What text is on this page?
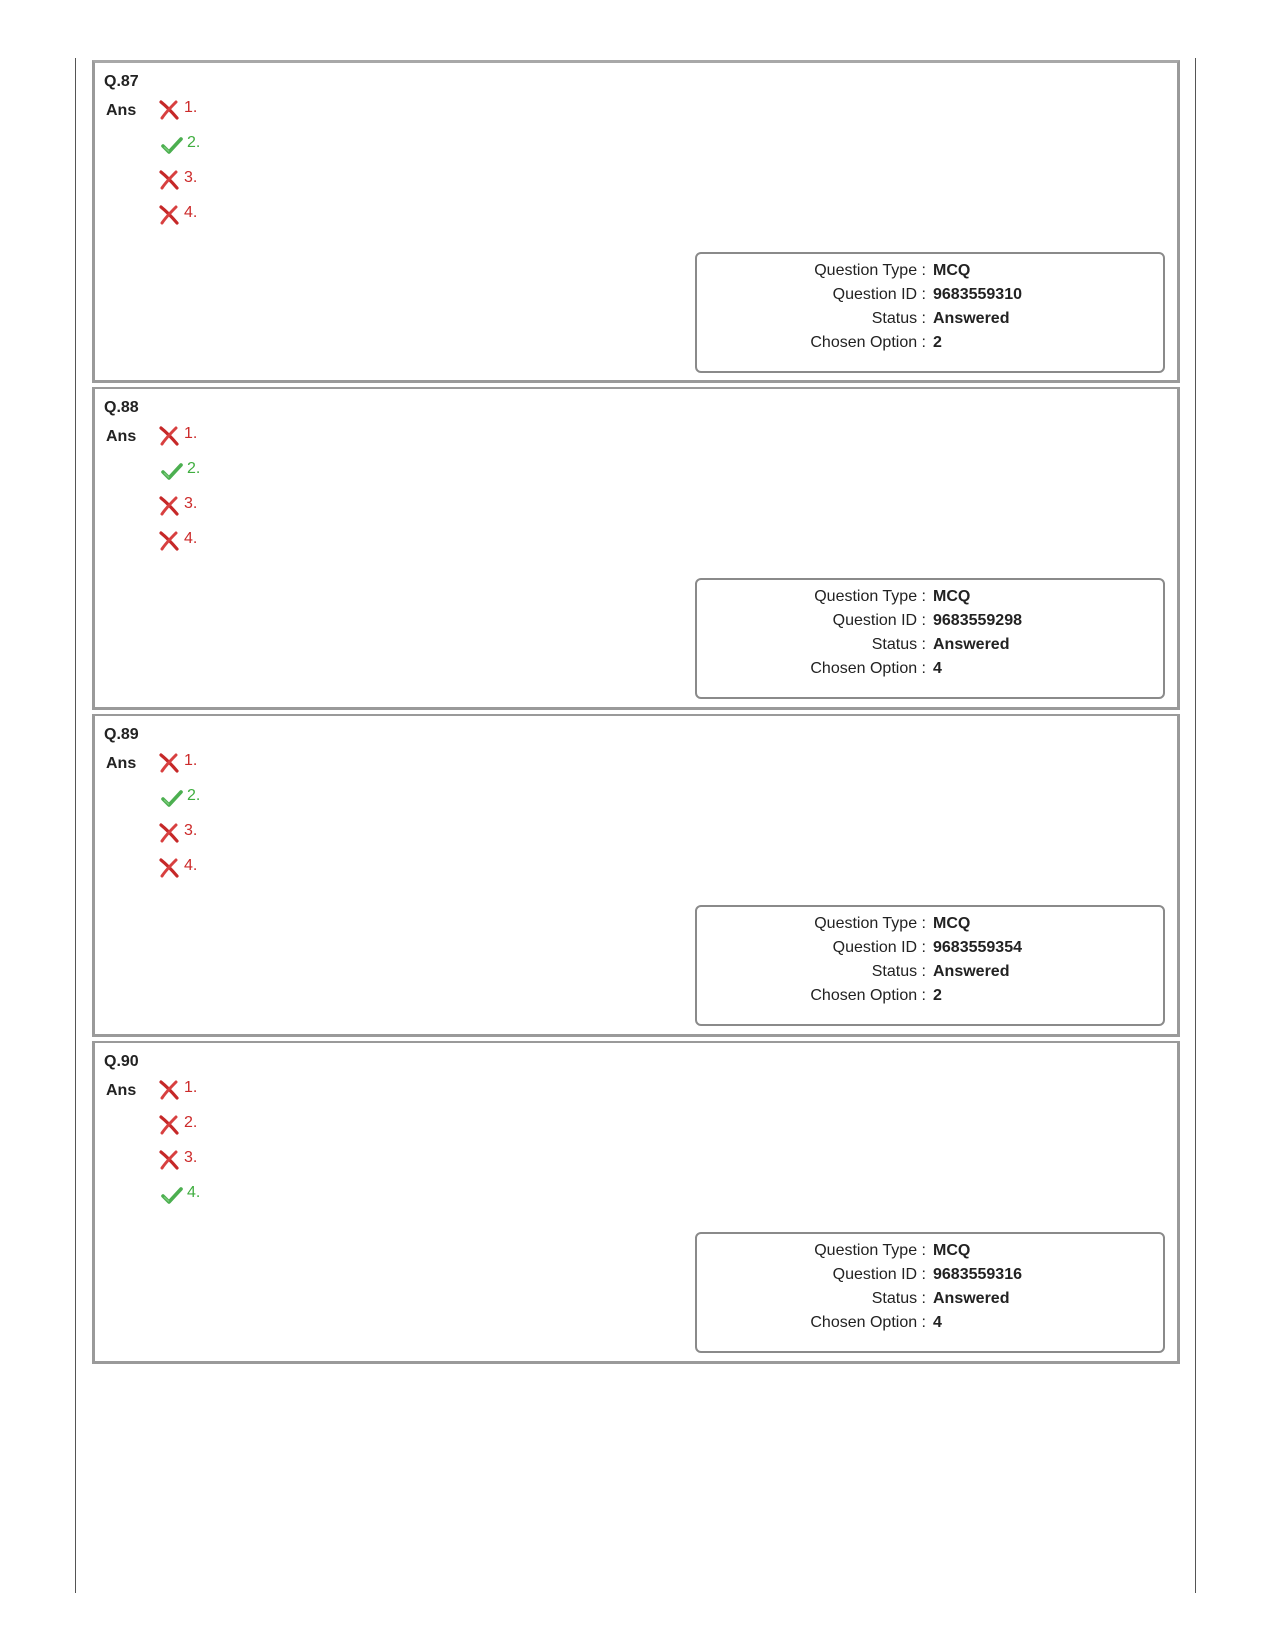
Q.87
Ans	1.
2.
3.
4.
Question Type : MCQ
Question ID : 9683559310
Status : Answered
Chosen Option : 2
Q.88
Ans	1.
2.
3.
4.
Question Type : MCQ
Question ID : 9683559298
Status : Answered
Chosen Option : 4
Q.89
Ans	1.
2.
3.
4.
Question Type : MCQ
Question ID : 9683559354
Status : Answered
Chosen Option : 2
Q.90
Ans	1.
2.
3.
4.
Question Type : MCQ
Question ID : 9683559316
Status : Answered
Chosen Option : 4
